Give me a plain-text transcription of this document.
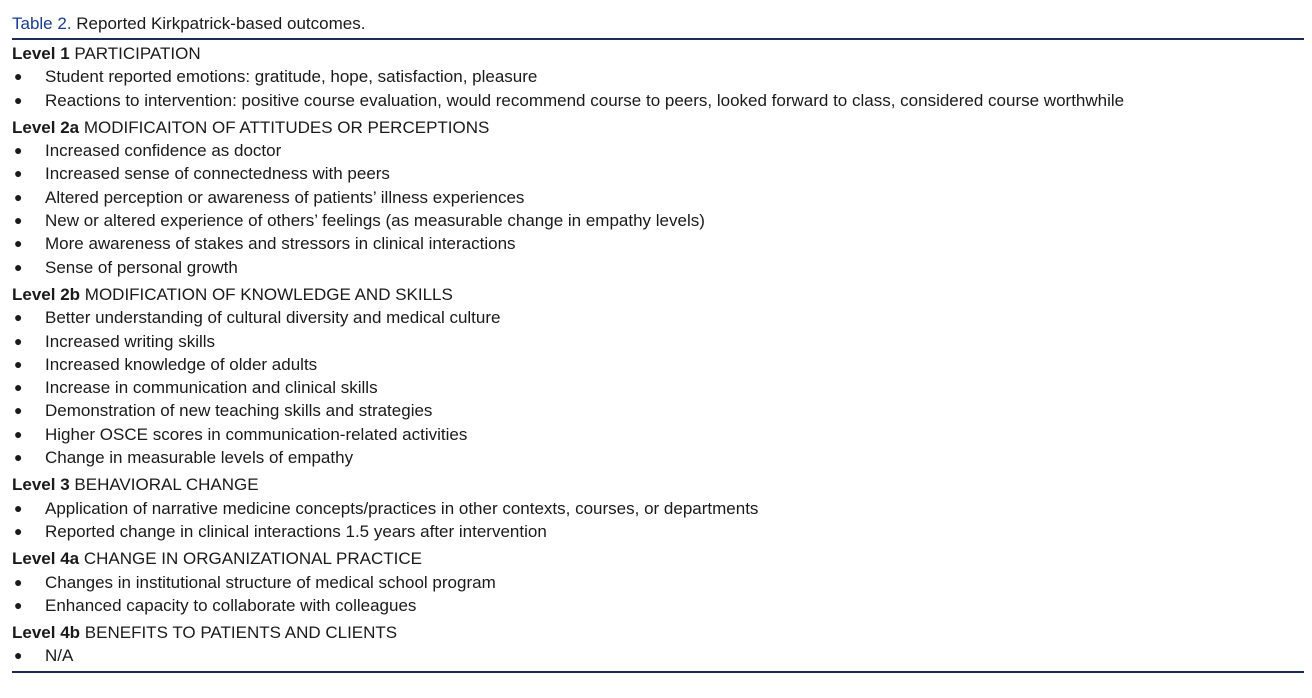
Table 2. Reported Kirkpatrick-based outcomes.
Level 1 PARTICIPATION
● Student reported emotions: gratitude, hope, satisfaction, pleasure
● Reactions to intervention: positive course evaluation, would recommend course to peers, looked forward to class, considered course worthwhile
Level 2a MODIFICAITON OF ATTITUDES OR PERCEPTIONS
● Increased confidence as doctor
● Increased sense of connectedness with peers
● Altered perception or awareness of patients’ illness experiences
● New or altered experience of others’ feelings (as measurable change in empathy levels)
● More awareness of stakes and stressors in clinical interactions
● Sense of personal growth
Level 2b MODIFICATION OF KNOWLEDGE AND SKILLS
● Better understanding of cultural diversity and medical culture
● Increased writing skills
● Increased knowledge of older adults
● Increase in communication and clinical skills
● Demonstration of new teaching skills and strategies
● Higher OSCE scores in communication-related activities
● Change in measurable levels of empathy
Level 3 BEHAVIORAL CHANGE
● Application of narrative medicine concepts/practices in other contexts, courses, or departments
● Reported change in clinical interactions 1.5 years after intervention
Level 4a CHANGE IN ORGANIZATIONAL PRACTICE
● Changes in institutional structure of medical school program
● Enhanced capacity to collaborate with colleagues
Level 4b BENEFITS TO PATIENTS AND CLIENTS
● N/A
